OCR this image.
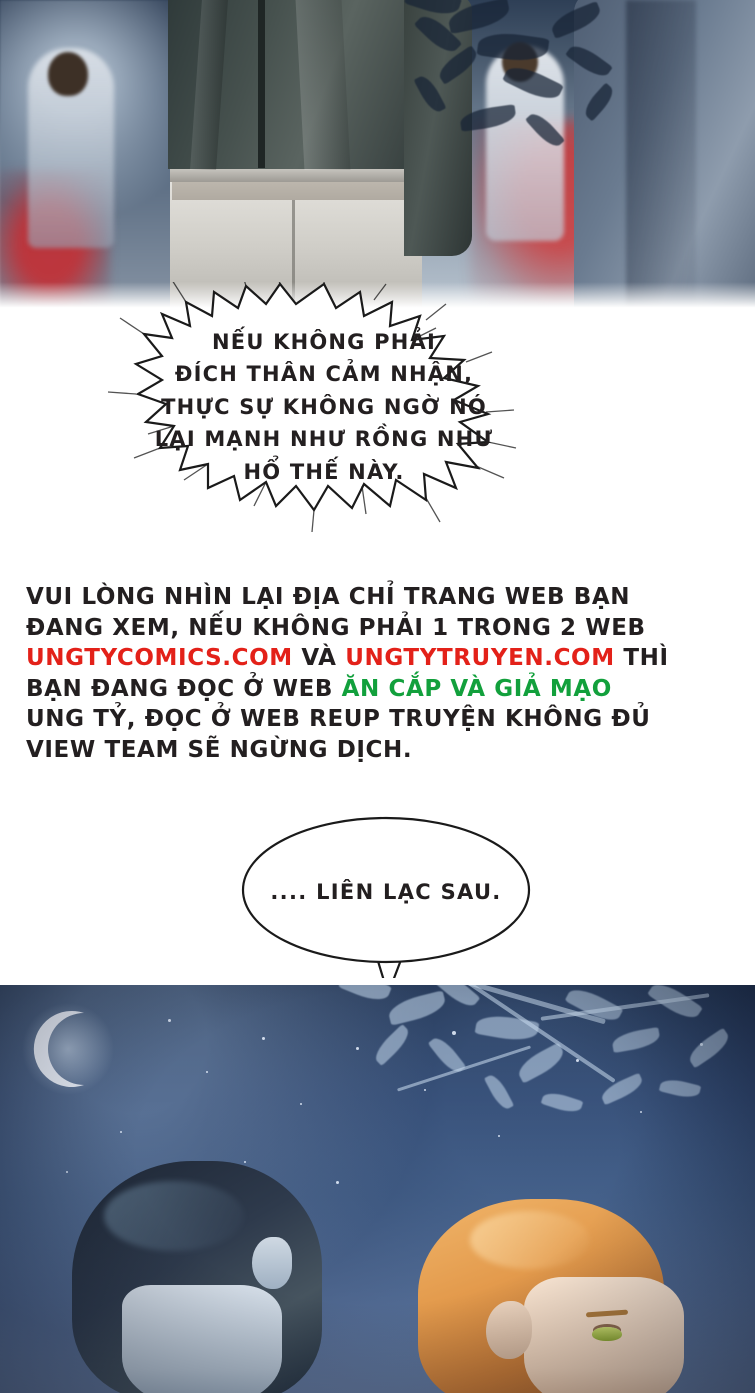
NẾU KHÔNG PHẢI
ĐÍCH THÂN CẢM NHẬN,
THỰC SỰ KHÔNG NGỜ NÓ
LẠI MẠNH NHƯ RỒNG NHƯ
HỔ THẾ NÀY.
VUI LÒNG NHÌN LẠI ĐỊA CHỈ TRANG WEB BẠN
ĐANG XEM, NẾU KHÔNG PHẢI 1 TRONG 2 WEB
UNGTYCOMICS.COM VÀ UNGTYTRUYEN.COM THÌ
BẠN ĐANG ĐỌC Ở WEB ĂN CẮP VÀ GIẢ MẠO
UNG TỶ, ĐỌC Ở WEB REUP TRUYỆN KHÔNG ĐỦ
VIEW TEAM SẼ NGỪNG DỊCH.
.... LIÊN LẠC SAU.
